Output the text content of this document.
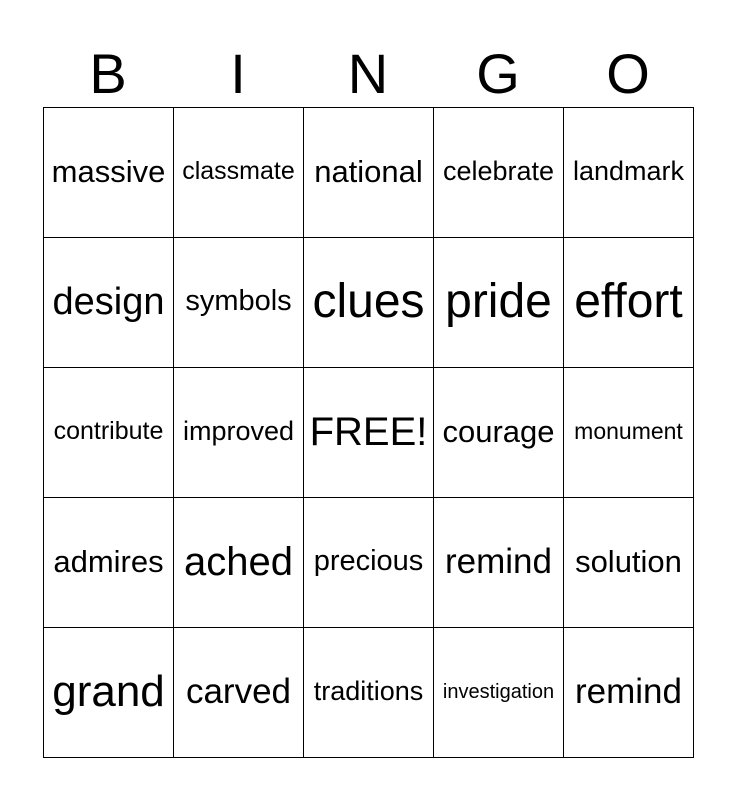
B	I	N	G	O
massive classmate national celebrate landmark
design symbols clues pride effort
contribute improved FREE! courage monument
admires ached precious remind solution
grand carved traditions investigation remind
